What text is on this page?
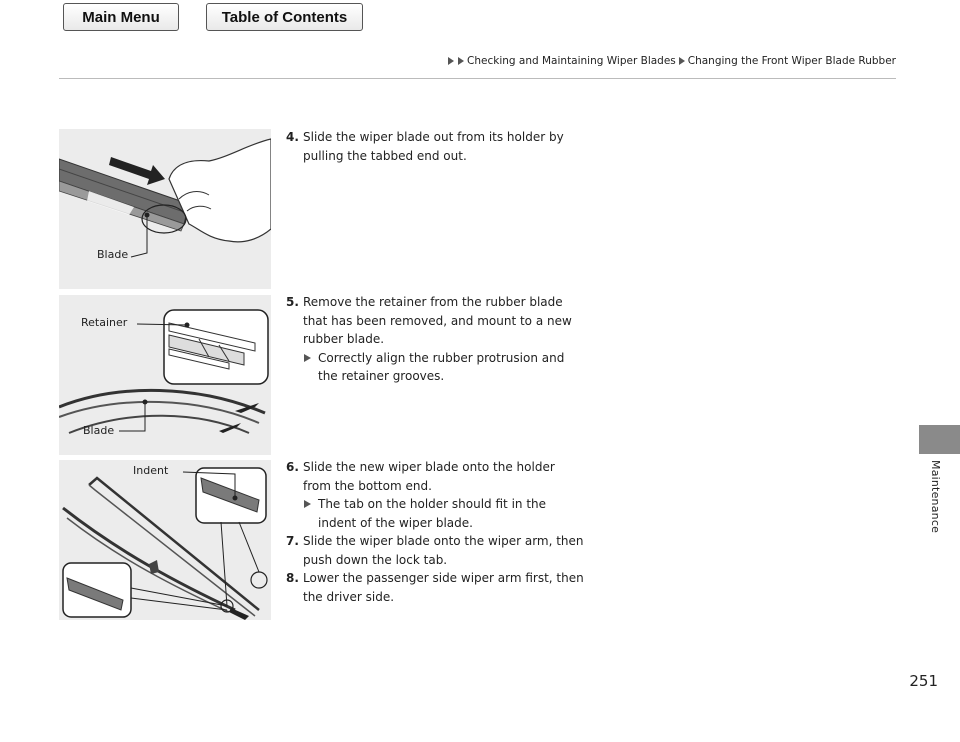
Main Menu	Table of Contents
Checking and Maintaining Wiper Blades Changing the Front Wiper Blade Rubber
Maintenance
251
Blade
Retainer
Blade
Indent
4. Slide the wiper blade out from its holder by pulling the tabbed end out.
5. Remove the retainer from the rubber blade that has been removed, and mount to a new rubber blade.
Correctly align the rubber protrusion and the retainer grooves.
6. Slide the new wiper blade onto the holder from the bottom end.
The tab on the holder should fit in the indent of the wiper blade.
7. Slide the wiper blade onto the wiper arm, then push down the lock tab.
8. Lower the passenger side wiper arm first, then the driver side.
